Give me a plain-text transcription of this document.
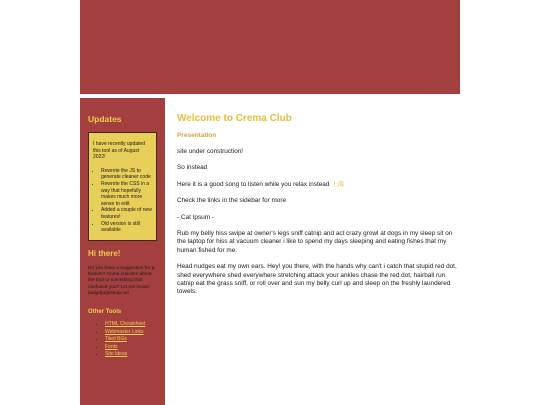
Updates

I have recently updated this tool as of August 2022!

• Rewrote the JS to generate cleaner code
• Rewrote the CSS in a way that hopefully makes much more sense to edit
• Added a couple of new features!
• Old version is still available here
Hi there!

Do you have a suggestion for a feature? Some criticism about the tool or something that confused you? Let me know! sadgrl[at]riseup.net

Other Tools
• HTML Cheatsheet
• Webmaster Links
• Tiled BGs
• Fonts
• Site Ideas
Welcome to Crema Club
Presentation

site under construction!

So instead

Here it is a good song to listen while you relax instead 上海

Check the links in the sidebar for more

- Cat Ipsum -

Rub my belly hiss swipe at owner's legs sniff catnip and act crazy growl at dogs in my sleep sit on the laptop for hiss at vacuum cleaner i like to spend my days sleeping and eating fishes that my human fished for me.

Head nudges eat my own ears. Hey! you there, with the hands why can't i catch that stupid red dot, shed everywhere shed everywhere stretching attack your ankles chase the red dot, hairball run catnip eat the grass sniff, or roll over and sun my belly curl up and sleep on the freshly laundered towels.
